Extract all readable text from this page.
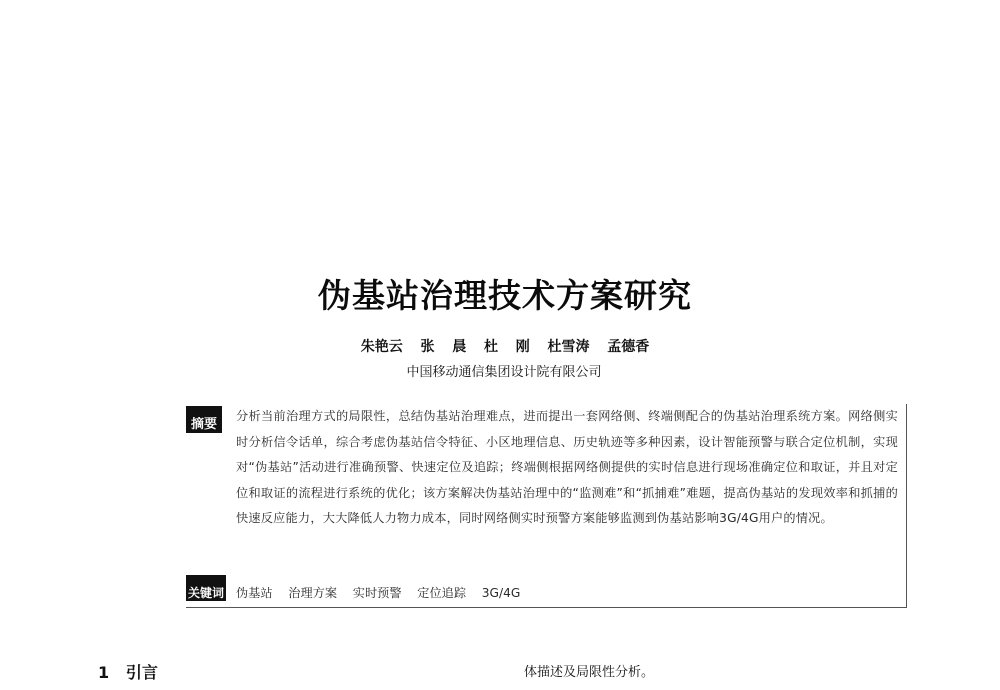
伪基站治理技术方案研究
朱艳云  张  晨  杜  刚  杜雪涛  孟德香
中国移动通信集团设计院有限公司
摘要
分析当前治理方式的局限性，总结伪基站治理难点，进而提出一套网络侧、终端侧配合的伪基站治理系统方案。网络侧实时分析信令话单，综合考虑伪基站信令特征、小区地理信息、历史轨迹等多种因素，设计智能预警与联合定位机制，实现对“伪基站”活动进行准确预警、快速定位及追踪；终端侧根据网络侧提供的实时信息进行现场准确定位和取证，并且对定位和取证的流程进行系统的优化；该方案解决伪基站治理中的“监测难”和“抓捕难”难题，提高伪基站的发现效率和抓捕的快速反应能力，大大降低人力物力成本，同时网络侧实时预警方案能够监测到伪基站影响3G/4G用户的情况。
关键词 伪基站  治理方案  实时预警  定位追踪  3G/4G
1   引言	体描述及局限性分析。
